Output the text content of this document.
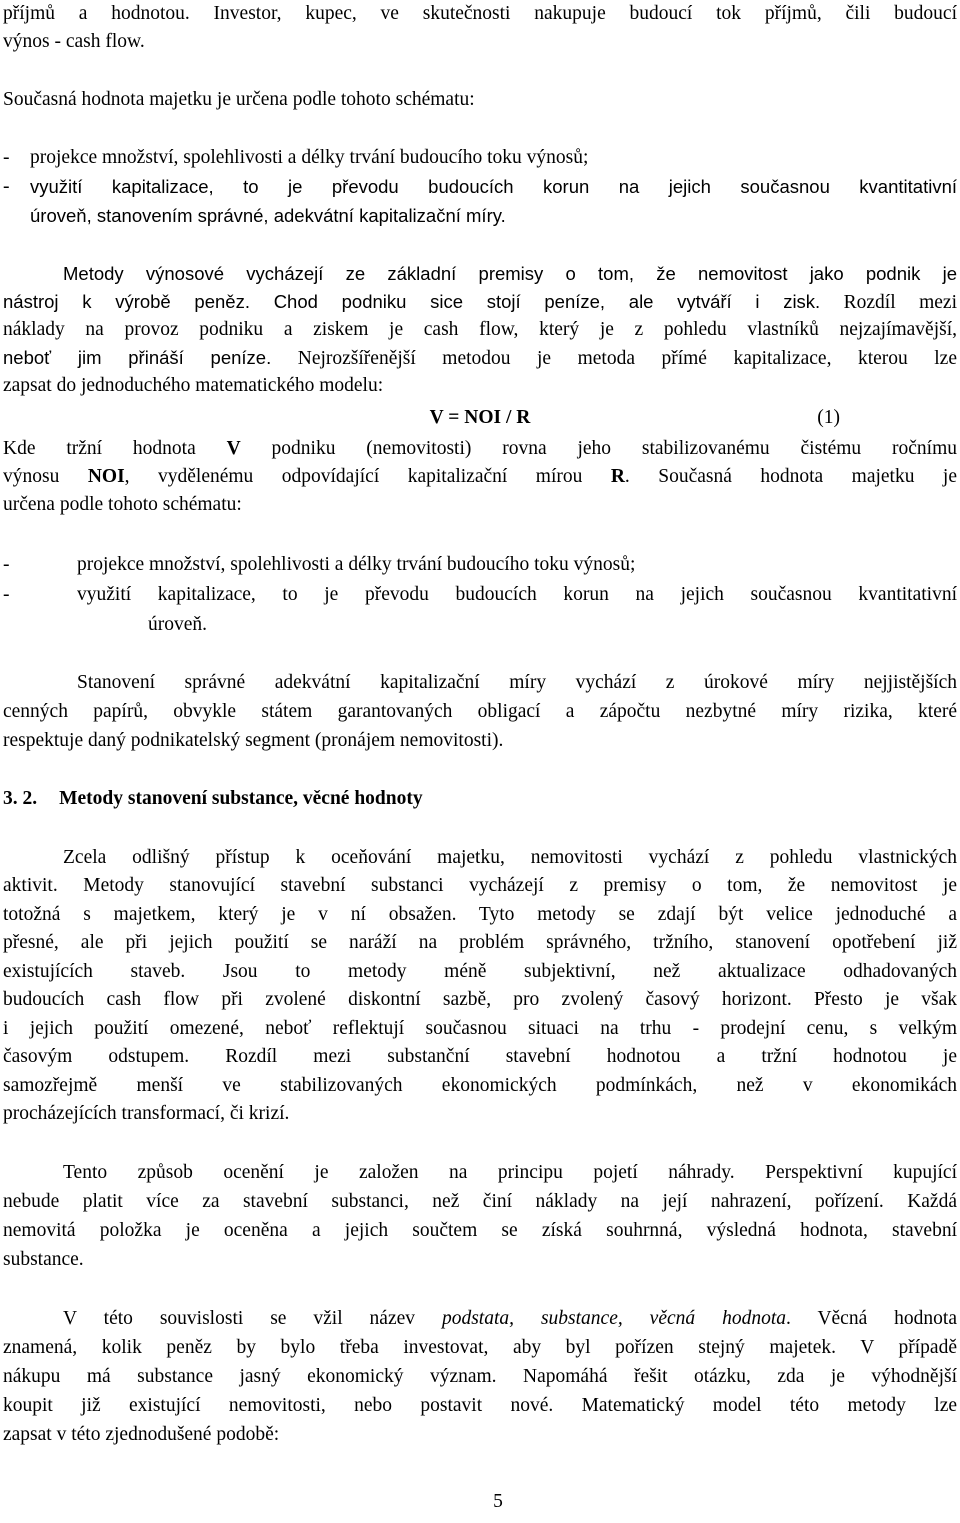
příjmů a hodnotou. Investor, kupec, ve skutečnosti nakupuje budoucí tok příjmů, čili budoucí
výnos - cash flow.
Současná hodnota majetku je určena podle tohoto schématu:
- projekce množství, spolehlivosti a délky trvání budoucího toku výnosů;
- využití kapitalizace, to je převodu budoucích korun na jejich současnou kvantitativní
úroveň, stanovením správné, adekvátní kapitalizační míry.
Metody výnosové vycházejí ze základní premisy o tom, že nemovitost jako podnik je
nástroj k výrobě peněz. Chod podniku sice stojí peníze, ale vytváří i zisk. Rozdíl mezi
náklady na provoz podniku a ziskem je cash flow, který je z pohledu vlastníků nejzajímavější,
neboť jim přináší peníze. Nejrozšířenější metodou je metoda přímé kapitalizace, kterou lze
zapsat do jednoduchého matematického modelu:
V = NOI / R	(1)
Kde tržní hodnota V podniku (nemovitosti) rovna jeho stabilizovanému čistému ročnímu
výnosu NOI, vydělenému odpovídající kapitalizační mírou R. Současná hodnota majetku je
určena podle tohoto schématu:
-	projekce množství, spolehlivosti a délky trvání budoucího toku výnosů;
-	využití kapitalizace, to je převodu budoucích korun na jejich současnou kvantitativní
úroveň.
Stanovení správné adekvátní kapitalizační míry vychází z úrokové míry nejjistějších
cenných papírů, obvykle státem garantovaných obligací a zápočtu nezbytné míry rizika, které
respektuje daný podnikatelský segment (pronájem nemovitosti).
3. 2. Metody stanovení substance, věcné hodnoty
Zcela odlišný přístup k oceňování majetku, nemovitosti vychází z pohledu vlastnických
aktivit. Metody stanovující stavební substanci vycházejí z premisy o tom, že nemovitost je
totožná s majetkem, který je v ní obsažen. Tyto metody se zdají být velice jednoduché a
přesné, ale při jejich použití se naráží na problém správného, tržního, stanovení opotřebení již
existujících staveb. Jsou to metody méně subjektivní, než aktualizace odhadovaných
budoucích cash flow při zvolené diskontní sazbě, pro zvolený časový horizont. Přesto je však
i jejich použití omezené, neboť reflektují současnou situaci na trhu - prodejní cenu, s velkým
časovým odstupem. Rozdíl mezi substanční stavební hodnotou a tržní hodnotou je
samozřejmě menší ve stabilizovaných ekonomických podmínkách, než v ekonomikách
procházejících transformací, či krizí.
Tento způsob ocenění je založen na principu pojetí náhrady. Perspektivní kupující
nebude platit více za stavební substanci, než činí náklady na její nahrazení, pořízení. Každá
nemovitá položka je oceněna a jejich součtem se získá souhrnná, výsledná hodnota, stavební
substance.
V této souvislosti se vžil název podstata, substance, věcná hodnota. Věcná hodnota
znamená, kolik peněz by bylo třeba investovat, aby byl pořízen stejný majetek. V případě
nákupu má substance jasný ekonomický význam. Napomáhá řešit otázku, zda je výhodnější
koupit již existující nemovitosti, nebo postavit nové. Matematický model této metody lze
zapsat v této zjednodušené podobě:
5
